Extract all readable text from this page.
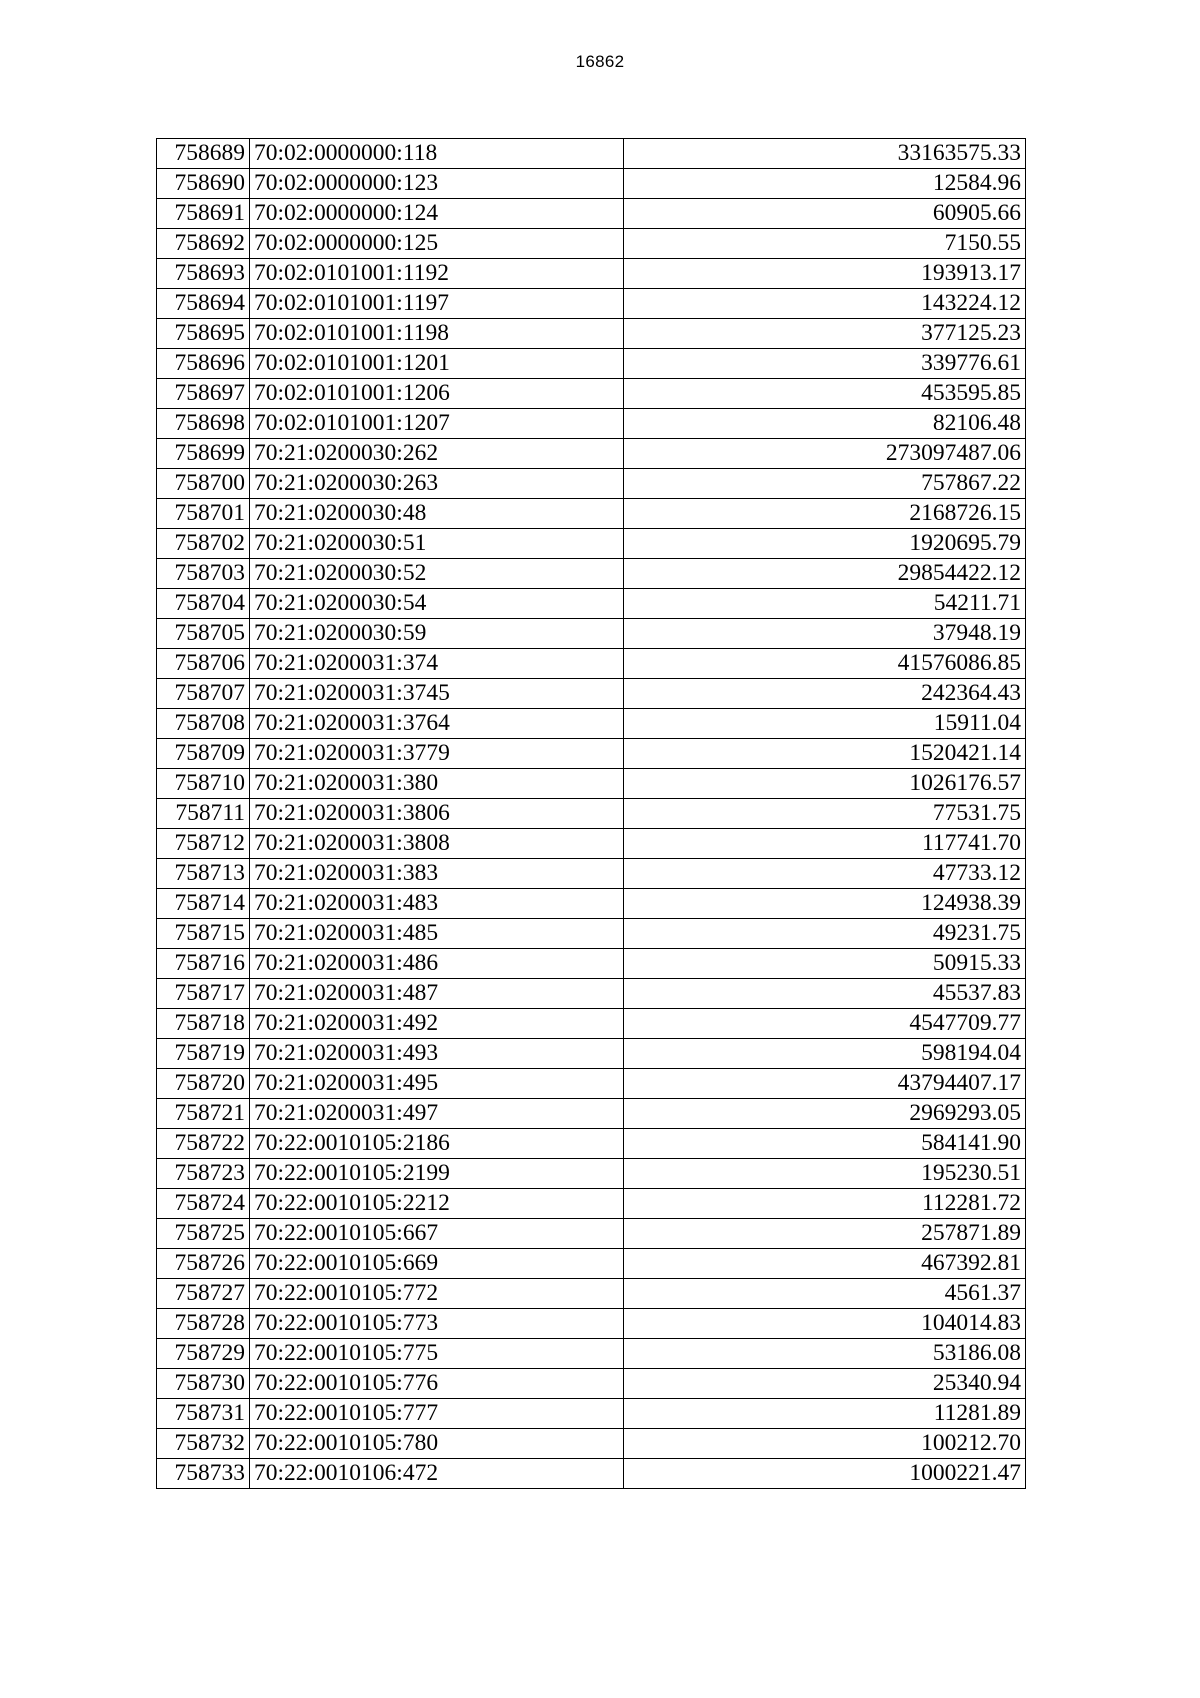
16862
758689	70:02:0000000:118	33163575.33
758690	70:02:0000000:123	12584.96
758691	70:02:0000000:124	60905.66
758692	70:02:0000000:125	7150.55
758693	70:02:0101001:1192	193913.17
758694	70:02:0101001:1197	143224.12
758695	70:02:0101001:1198	377125.23
758696	70:02:0101001:1201	339776.61
758697	70:02:0101001:1206	453595.85
758698	70:02:0101001:1207	82106.48
758699	70:21:0200030:262	273097487.06
758700	70:21:0200030:263	757867.22
758701	70:21:0200030:48	2168726.15
758702	70:21:0200030:51	1920695.79
758703	70:21:0200030:52	29854422.12
758704	70:21:0200030:54	54211.71
758705	70:21:0200030:59	37948.19
758706	70:21:0200031:374	41576086.85
758707	70:21:0200031:3745	242364.43
758708	70:21:0200031:3764	15911.04
758709	70:21:0200031:3779	1520421.14
758710	70:21:0200031:380	1026176.57
758711	70:21:0200031:3806	77531.75
758712	70:21:0200031:3808	117741.70
758713	70:21:0200031:383	47733.12
758714	70:21:0200031:483	124938.39
758715	70:21:0200031:485	49231.75
758716	70:21:0200031:486	50915.33
758717	70:21:0200031:487	45537.83
758718	70:21:0200031:492	4547709.77
758719	70:21:0200031:493	598194.04
758720	70:21:0200031:495	43794407.17
758721	70:21:0200031:497	2969293.05
758722	70:22:0010105:2186	584141.90
758723	70:22:0010105:2199	195230.51
758724	70:22:0010105:2212	112281.72
758725	70:22:0010105:667	257871.89
758726	70:22:0010105:669	467392.81
758727	70:22:0010105:772	4561.37
758728	70:22:0010105:773	104014.83
758729	70:22:0010105:775	53186.08
758730	70:22:0010105:776	25340.94
758731	70:22:0010105:777	11281.89
758732	70:22:0010105:780	100212.70
758733	70:22:0010106:472	1000221.47
